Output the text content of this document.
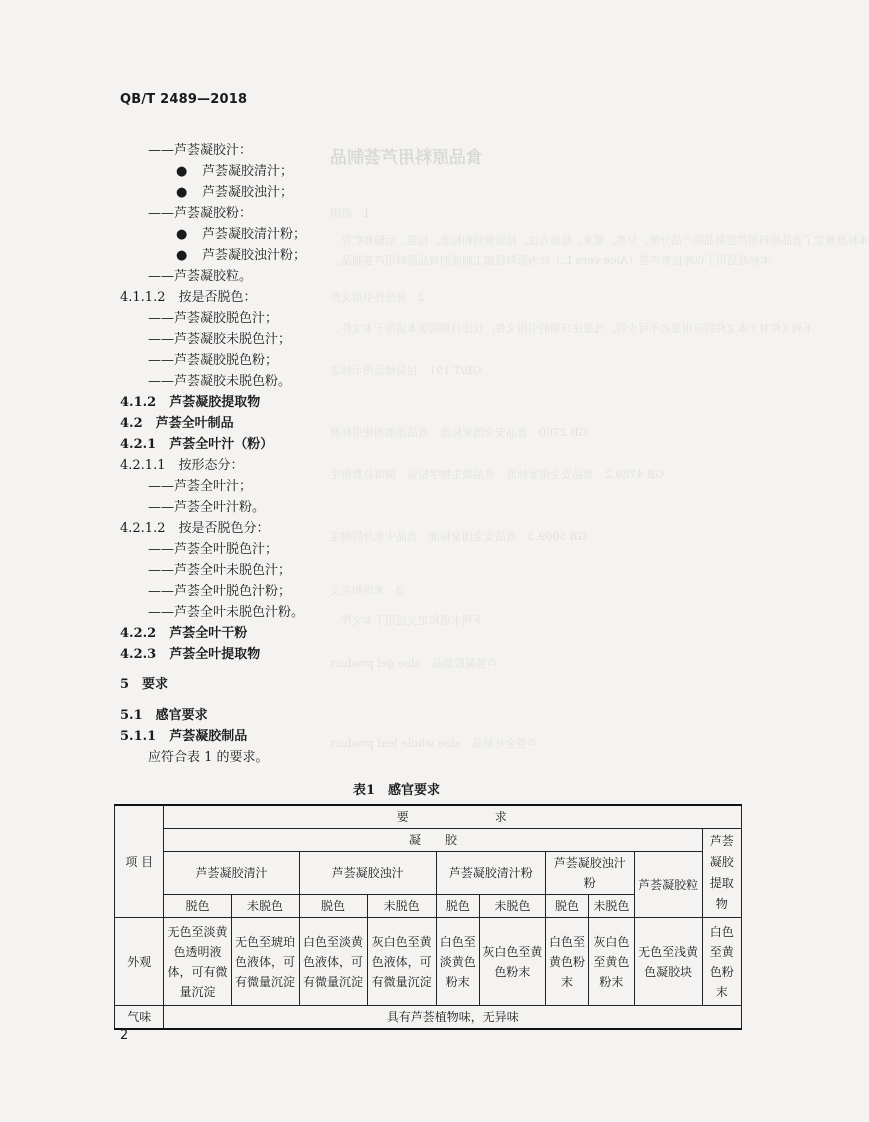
食品原料用芦荟制品
1　范围
本标准规定了食品原料用芦荟制品的产品分类、分类、要求、检验方法、检验规则和标志、包装、运输和贮存。
本标准适用于以库拉索芦荟（Aloe vera L.）叶为原料经加工制成的食品原料用芦荟制品。
2　规范性引用文件
下列文件对于本文件的应用是必不可少的。凡是注日期的引用文件，仅注日期的版本适用于本文件。
GB/T 191　包装储运图示标志
GB 2760　食品安全国家标准　食品添加剂使用标准
GB 4789.2　食品安全国家标准　食品微生物学检验　菌落总数测定
GB 5009.3　食品安全国家标准　食品中水分的测定
3　术语和定义
下列术语和定义适用于本文件。
芦荟凝胶制品　aloe gel product
芦荟全叶制品　aloe whole leaf product
QB/T 2489—2018
——芦荟凝胶汁：
● 芦荟凝胶清汁；
● 芦荟凝胶浊汁；
——芦荟凝胶粉：
● 芦荟凝胶清汁粉；
● 芦荟凝胶浊汁粉；
——芦荟凝胶粒。
4.1.1.2　按是否脱色：
——芦荟凝胶脱色汁；
——芦荟凝胶未脱色汁；
——芦荟凝胶脱色粉；
——芦荟凝胶未脱色粉。
4.1.2　芦荟凝胶提取物
4.2　芦荟全叶制品
4.2.1　芦荟全叶汁（粉）
4.2.1.1　按形态分：
——芦荟全叶汁；
——芦荟全叶汁粉。
4.2.1.2　按是否脱色分：
——芦荟全叶脱色汁；
——芦荟全叶未脱色汁；
——芦荟全叶脱色汁粉；
——芦荟全叶未脱色汁粉。
4.2.2　芦荟全叶干粉
4.2.3　芦荟全叶提取物
5　要求
5.1　感官要求
5.1.1　芦荟凝胶制品
应符合表 1 的要求。
表1　感官要求
项 目	要　　　　　　求									
	凝　　胶									芦荟凝胶提取物
	芦荟凝胶清汁		芦荟凝胶浊汁		芦荟凝胶清汁粉		芦荟凝胶浊汁粉		芦荟凝胶粒	
	脱色	未脱色	脱色	未脱色	脱色	未脱色	脱色	未脱色		
外观	无色至淡黄色透明液体，可有微量沉淀	无色至琥珀色液体，可有微量沉淀	白色至淡黄色液体，可有微量沉淀	灰白色至黄色液体，可有微量沉淀	白色至淡黄色粉末	灰白色至黄色粉末	白色至黄色粉末	灰白色至黄色粉末	无色至浅黄色凝胶块	白色至黄色粉末
气味	具有芦荟植物味，无异味									
2
